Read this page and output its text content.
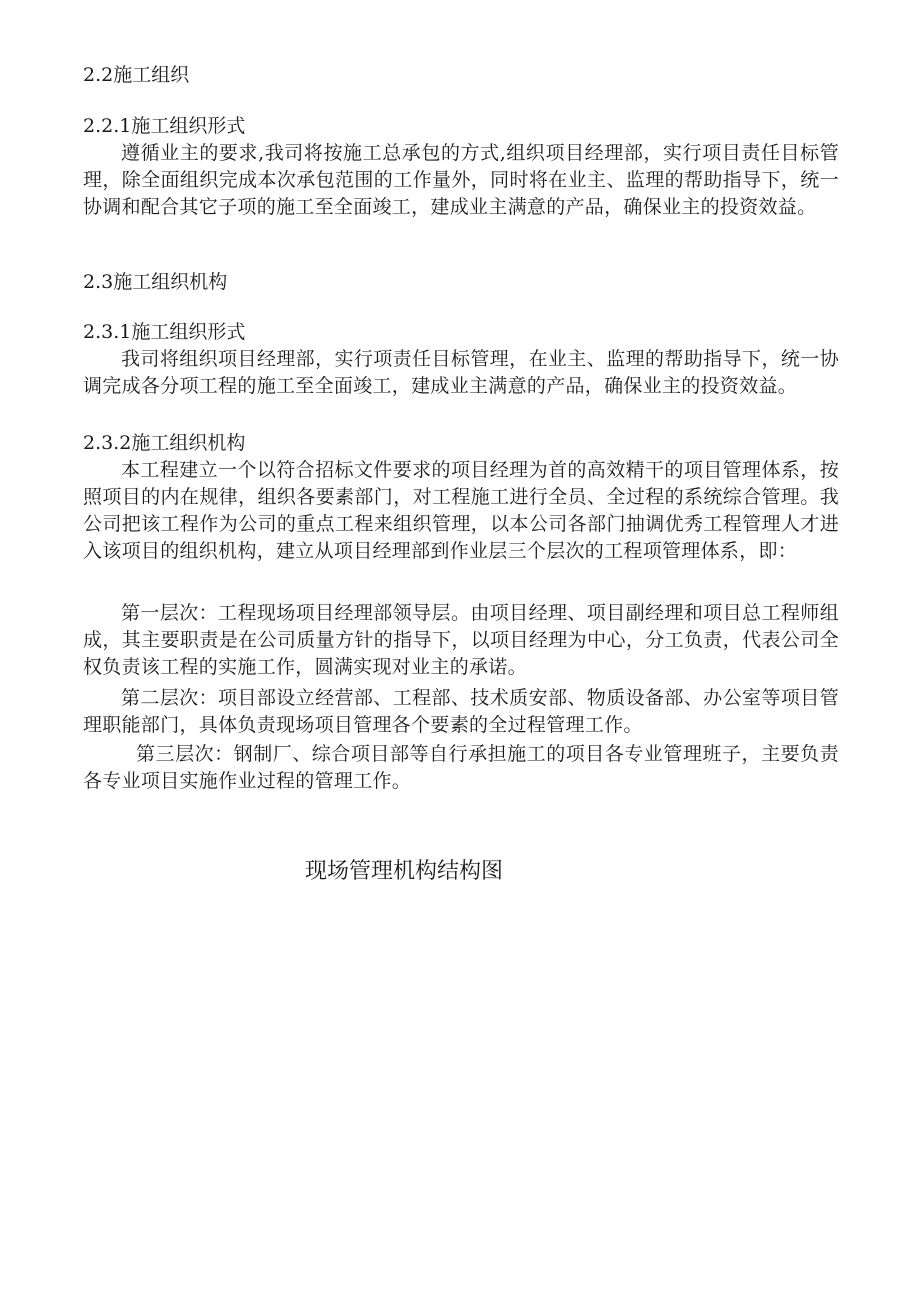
2.2施工组织

2.2.1施工组织形式

遵循业主的要求,我司将按施工总承包的方式,组织项目经理部，实行项目责任目标管理，除全面组织完成本次承包范围的工作量外，同时将在业主、监理的帮助指导下，统一协调和配合其它子项的施工至全面竣工，建成业主满意的产品，确保业主的投资效益。

2.3施工组织机构

2.3.1施工组织形式

我司将组织项目经理部，实行项责任目标管理，在业主、监理的帮助指导下，统一协调完成各分项工程的施工至全面竣工，建成业主满意的产品，确保业主的投资效益。

2.3.2施工组织机构

本工程建立一个以符合招标文件要求的项目经理为首的高效精干的项目管理体系，按照项目的内在规律，组织各要素部门，对工程施工进行全员、全过程的系统综合管理。我公司把该工程作为公司的重点工程来组织管理，以本公司各部门抽调优秀工程管理人才进入该项目的组织机构，建立从项目经理部到作业层三个层次的工程项管理体系，即：

第一层次：工程现场项目经理部领导层。由项目经理、项目副经理和项目总工程师组成，其主要职责是在公司质量方针的指导下，以项目经理为中心，分工负责，代表公司全权负责该工程的实施工作，圆满实现对业主的承诺。

第二层次：项目部设立经营部、工程部、技术质安部、物质设备部、办公室等项目管理职能部门，具体负责现场项目管理各个要素的全过程管理工作。

第三层次：钢制厂、综合项目部等自行承担施工的项目各专业管理班子，主要负责各专业项目实施作业过程的管理工作。

现场管理机构结构图
